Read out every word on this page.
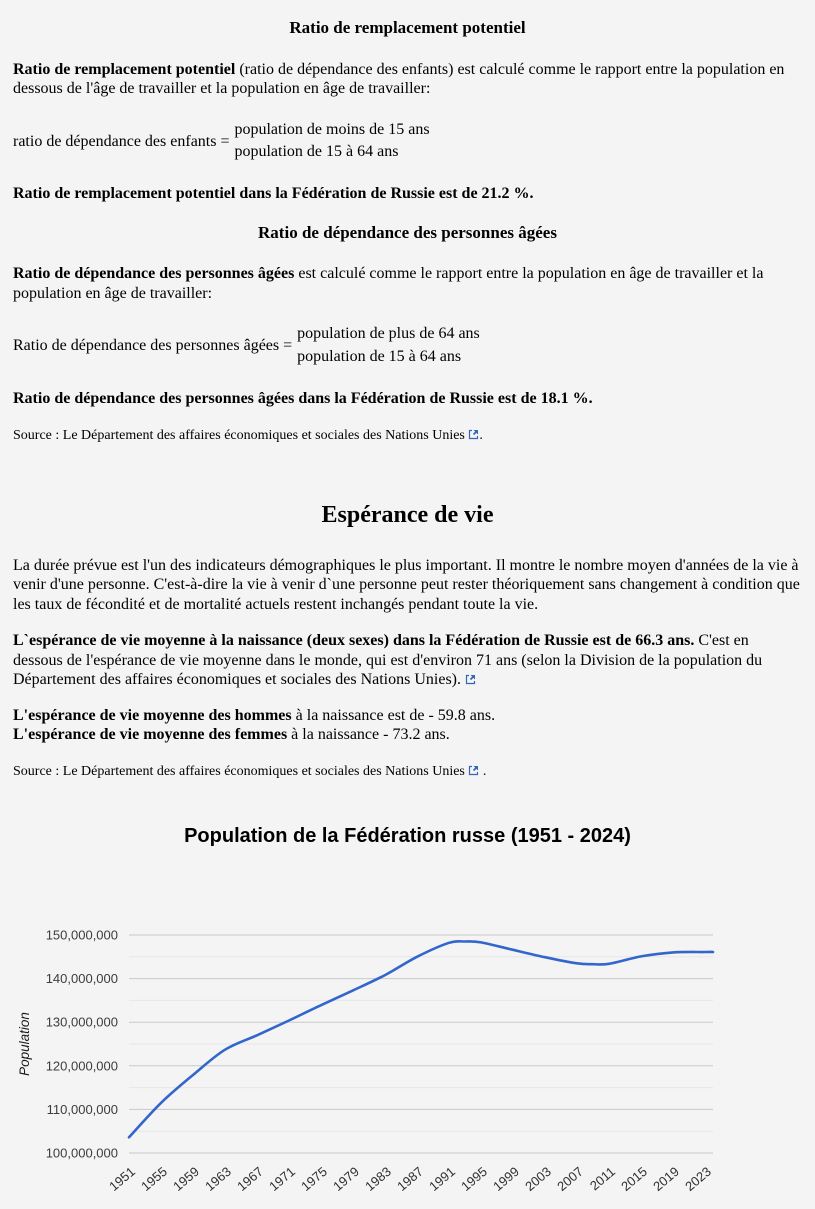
Ratio de remplacement potentiel

Ratio de remplacement potentiel (ratio de dépendance des enfants) est calculé comme le rapport entre la population en dessous de l'âge de travailler et la population en âge de travailler:

ratio de dépendance des enfants =
population de moins de 15 ans
population de 15 à 64 ans

Ratio de remplacement potentiel dans la Fédération de Russie est de 21.2 %.

Ratio de dépendance des personnes âgées

Ratio de dépendance des personnes âgées est calculé comme le rapport entre la population en âge de travailler et la population en âge de travailler:

Ratio de dépendance des personnes âgées =
population de plus de 64 ans
population de 15 à 64 ans

Ratio de dépendance des personnes âgées dans la Fédération de Russie est de 18.1 %.

Source : Le Département des affaires économiques et sociales des Nations Unies .

Espérance de vie

La durée prévue est l'un des indicateurs démographiques le plus important. Il montre le nombre moyen d'années de la vie à venir d'une personne. C'est-à-dire la vie à venir d`une personne peut rester théoriquement sans changement à condition que les taux de fécondité et de mortalité actuels restent inchangés pendant toute la vie.

L`espérance de vie moyenne à la naissance (deux sexes) dans la Fédération de Russie est de 66.3 ans. C'est en dessous de l'espérance de vie moyenne dans le monde, qui est d'environ 71 ans (selon la Division de la population du Département des affaires économiques et sociales des Nations Unies).

L'espérance de vie moyenne des hommes à la naissance est de - 59.8 ans.
L'espérance de vie moyenne des femmes à la naissance - 73.2 ans.

Source : Le Département des affaires économiques et sociales des Nations Unies  .

Population de la Fédération russe (1951 - 2024)
100,000,000
110,000,000
120,000,000
130,000,000
140,000,000
150,000,000
1951 1955 1959 1963 1967 1971 1975 1979 1983 1987 1991 1995 1999 2003 2007 2011 2015 2019 2023
Population
